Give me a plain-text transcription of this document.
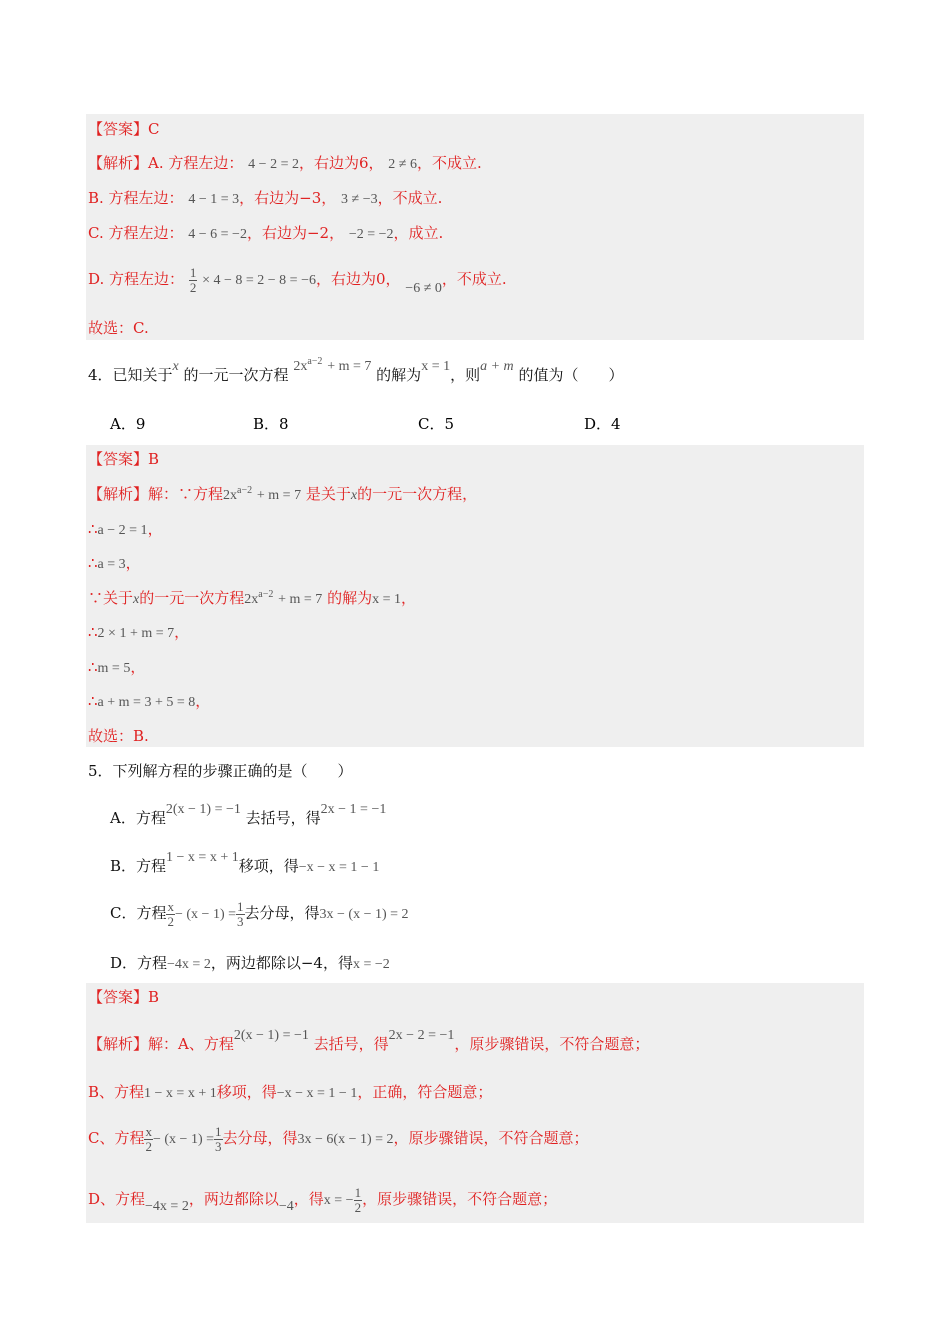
【答案】C
【解析】A. 方程左边： 4 − 2 = 2，右边为6， 2 ≠ 6，不成立.
B. 方程左边： 4 − 1 = 3，右边为−3， 3 ≠ −3，不成立.
C. 方程左边： 4 − 6 = −2，右边为−2， −2 = −2，成立.
D. 方程左边： $\frac{1}{2} \times 4 - 8 = 2 - 8 = -6$，右边为0， −6 ≠ 0，不成立.
故选：C.
4．已知关于x 的一元一次方程 $2x^{a-2} + m = 7$ 的解为x = 1，则a + m 的值为（　　）
A．9	B．8	C．5	D．4
【答案】B
【解析】解：∵方程$2x^{a-2} + m = 7$ 是关于x的一元一次方程，
∴a − 2 = 1，
∴a = 3，
∵关于x的一元一次方程$2x^{a-2} + m = 7$ 的解为x = 1，
∴2 × 1 + m = 7，
∴m = 5，
∴a + m = 3 + 5 = 8，
故选：B.
5．下列解方程的步骤正确的是（　　）
A．方程2(x − 1) = −1 去括号，得2x − 1 = −1
B．方程1 − x = x + 1移项，得−x − x = 1 − 1
C．方程 $\frac{x}{2} - (x - 1) = \frac{1}{3}$ 去分母，得3x − (x − 1) = 2
D．方程−4x = 2，两边都除以−4，得x = −2
【答案】B
【解析】解：A、方程2(x − 1) = −1 去括号，得2x − 2 = −1，原步骤错误，不符合题意；
B、方程1 − x = x + 1移项，得−x − x = 1 − 1，正确，符合题意；
C、方程 $\frac{x}{2} - (x - 1) = \frac{1}{3}$ 去分母，得3x − 6(x − 1) = 2，原步骤错误，不符合题意；
D、方程−4x = 2，两边都除以−4，得x = − $\frac{1}{2}$ ，原步骤错误，不符合题意；
